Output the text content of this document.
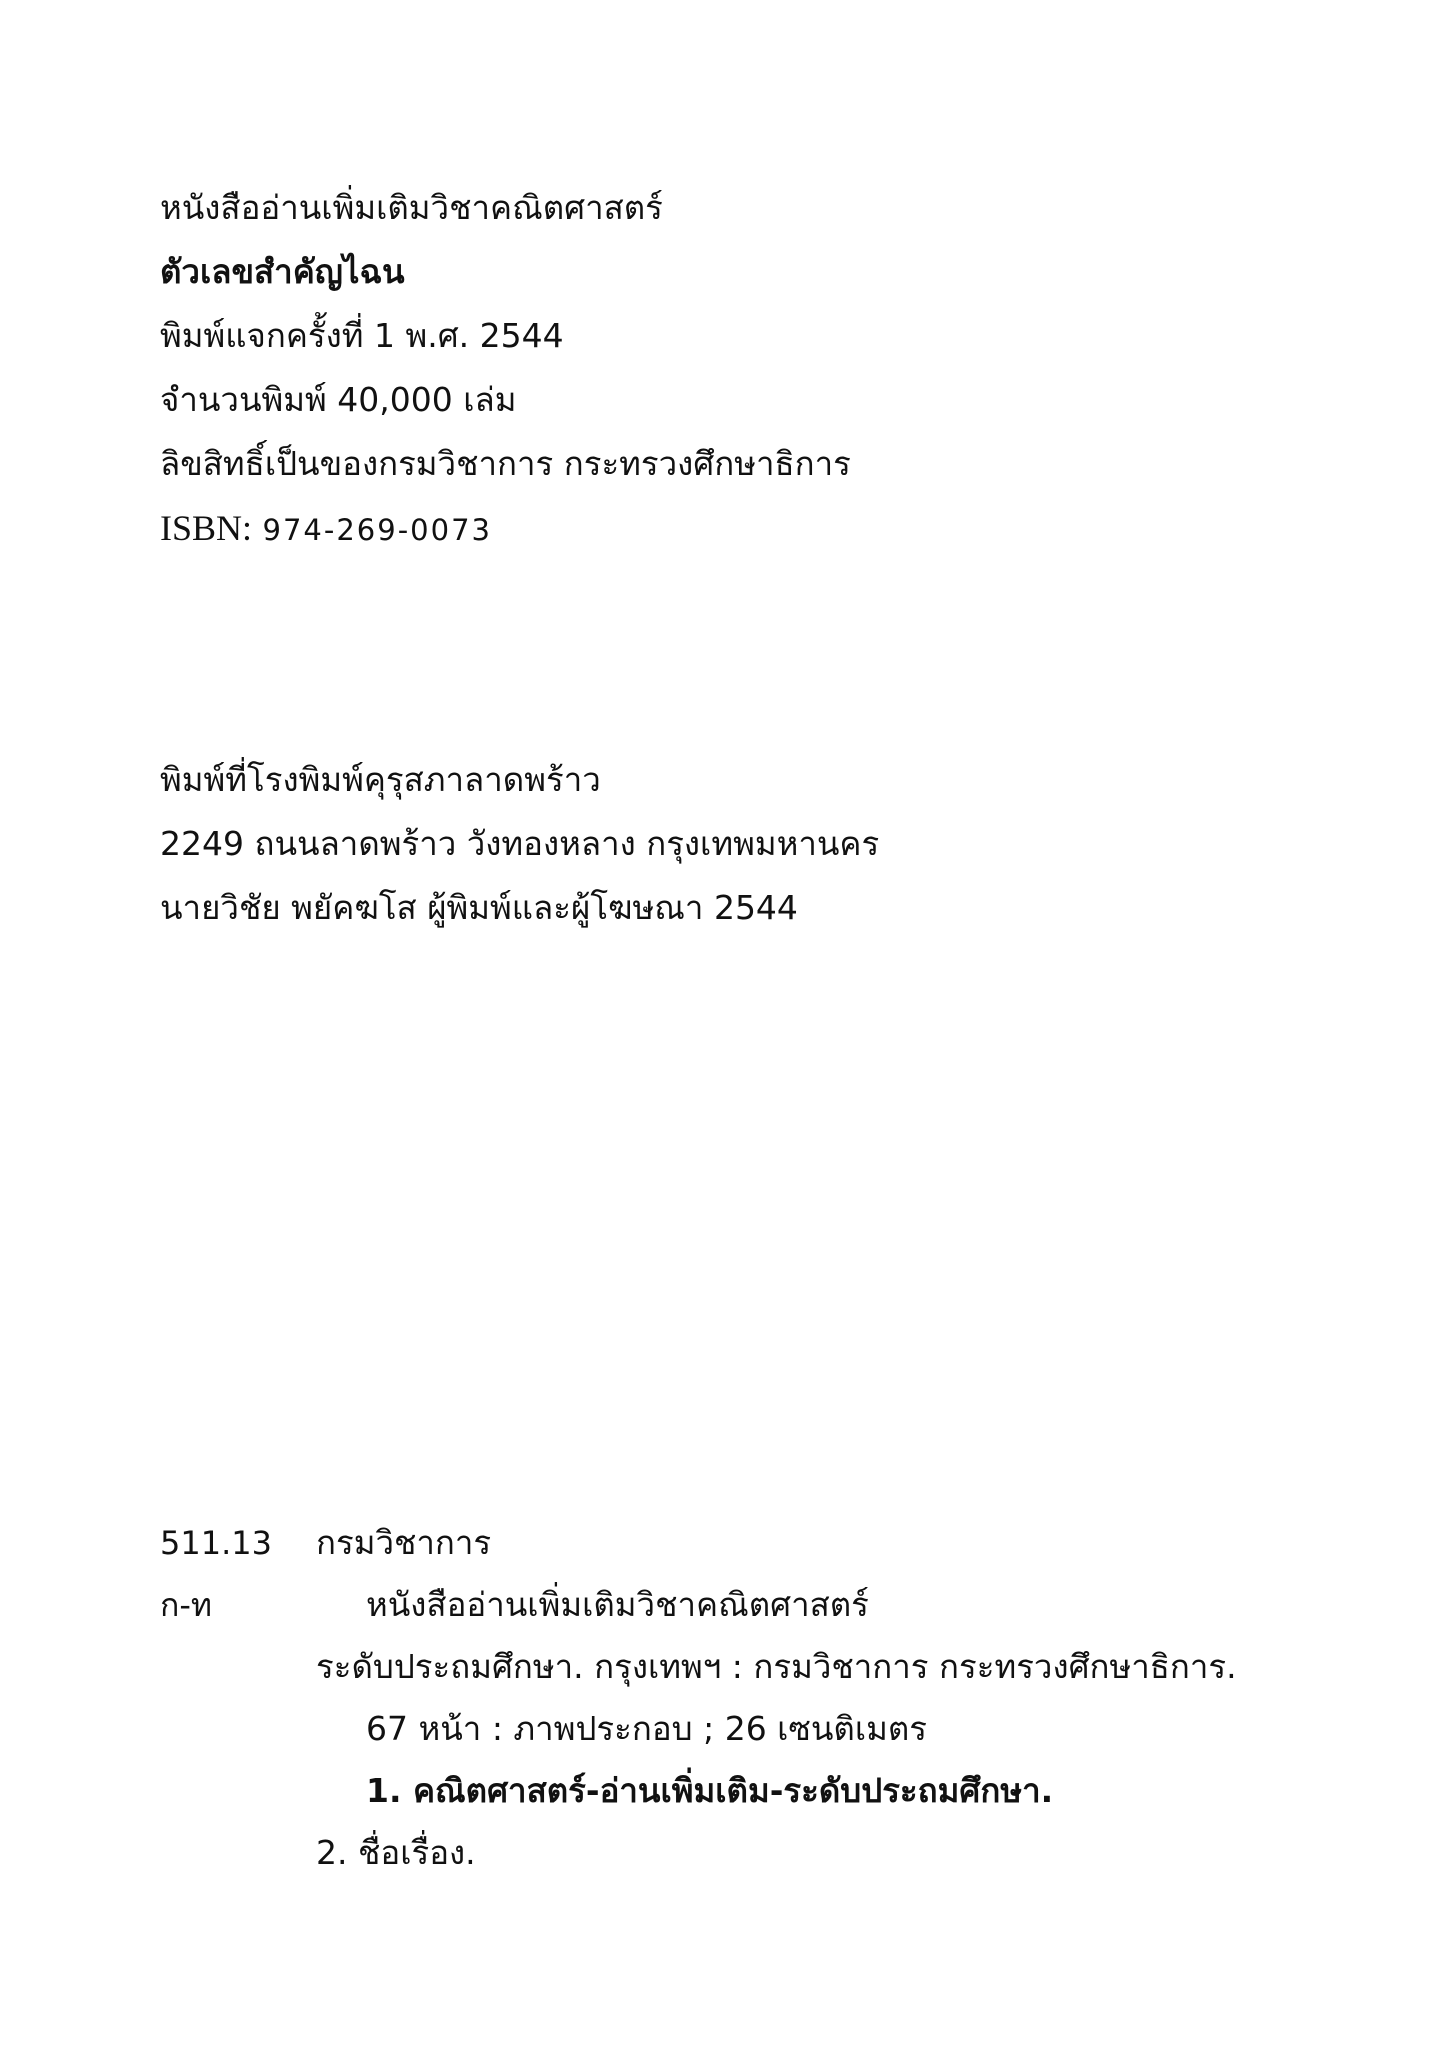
หนังสืออ่านเพิ่มเติมวิชาคณิตศาสตร์
ตัวเลขสำคัญไฉน
พิมพ์แจกครั้งที่ 1 พ.ศ. 2544
จำนวนพิมพ์ 40,000 เล่ม
ลิขสิทธิ์เป็นของกรมวิชาการ กระทรวงศึกษาธิการ
ISBN: 974-269-0073
พิมพ์ที่โรงพิมพ์คุรุสภาลาดพร้าว
2249 ถนนลาดพร้าว วังทองหลาง กรุงเทพมหานคร
นายวิชัย พยัคฆโส ผู้พิมพ์และผู้โฆษณา 2544
511.13 กรมวิชาการ
ก-ท	หนังสืออ่านเพิ่มเติมวิชาคณิตศาสตร์
ระดับประถมศึกษา. กรุงเทพฯ : กรมวิชาการ กระทรวงศึกษาธิการ.
67 หน้า : ภาพประกอบ ; 26 เซนติเมตร
1. คณิตศาสตร์-อ่านเพิ่มเติม-ระดับประถมศึกษา.
2. ชื่อเรื่อง.
